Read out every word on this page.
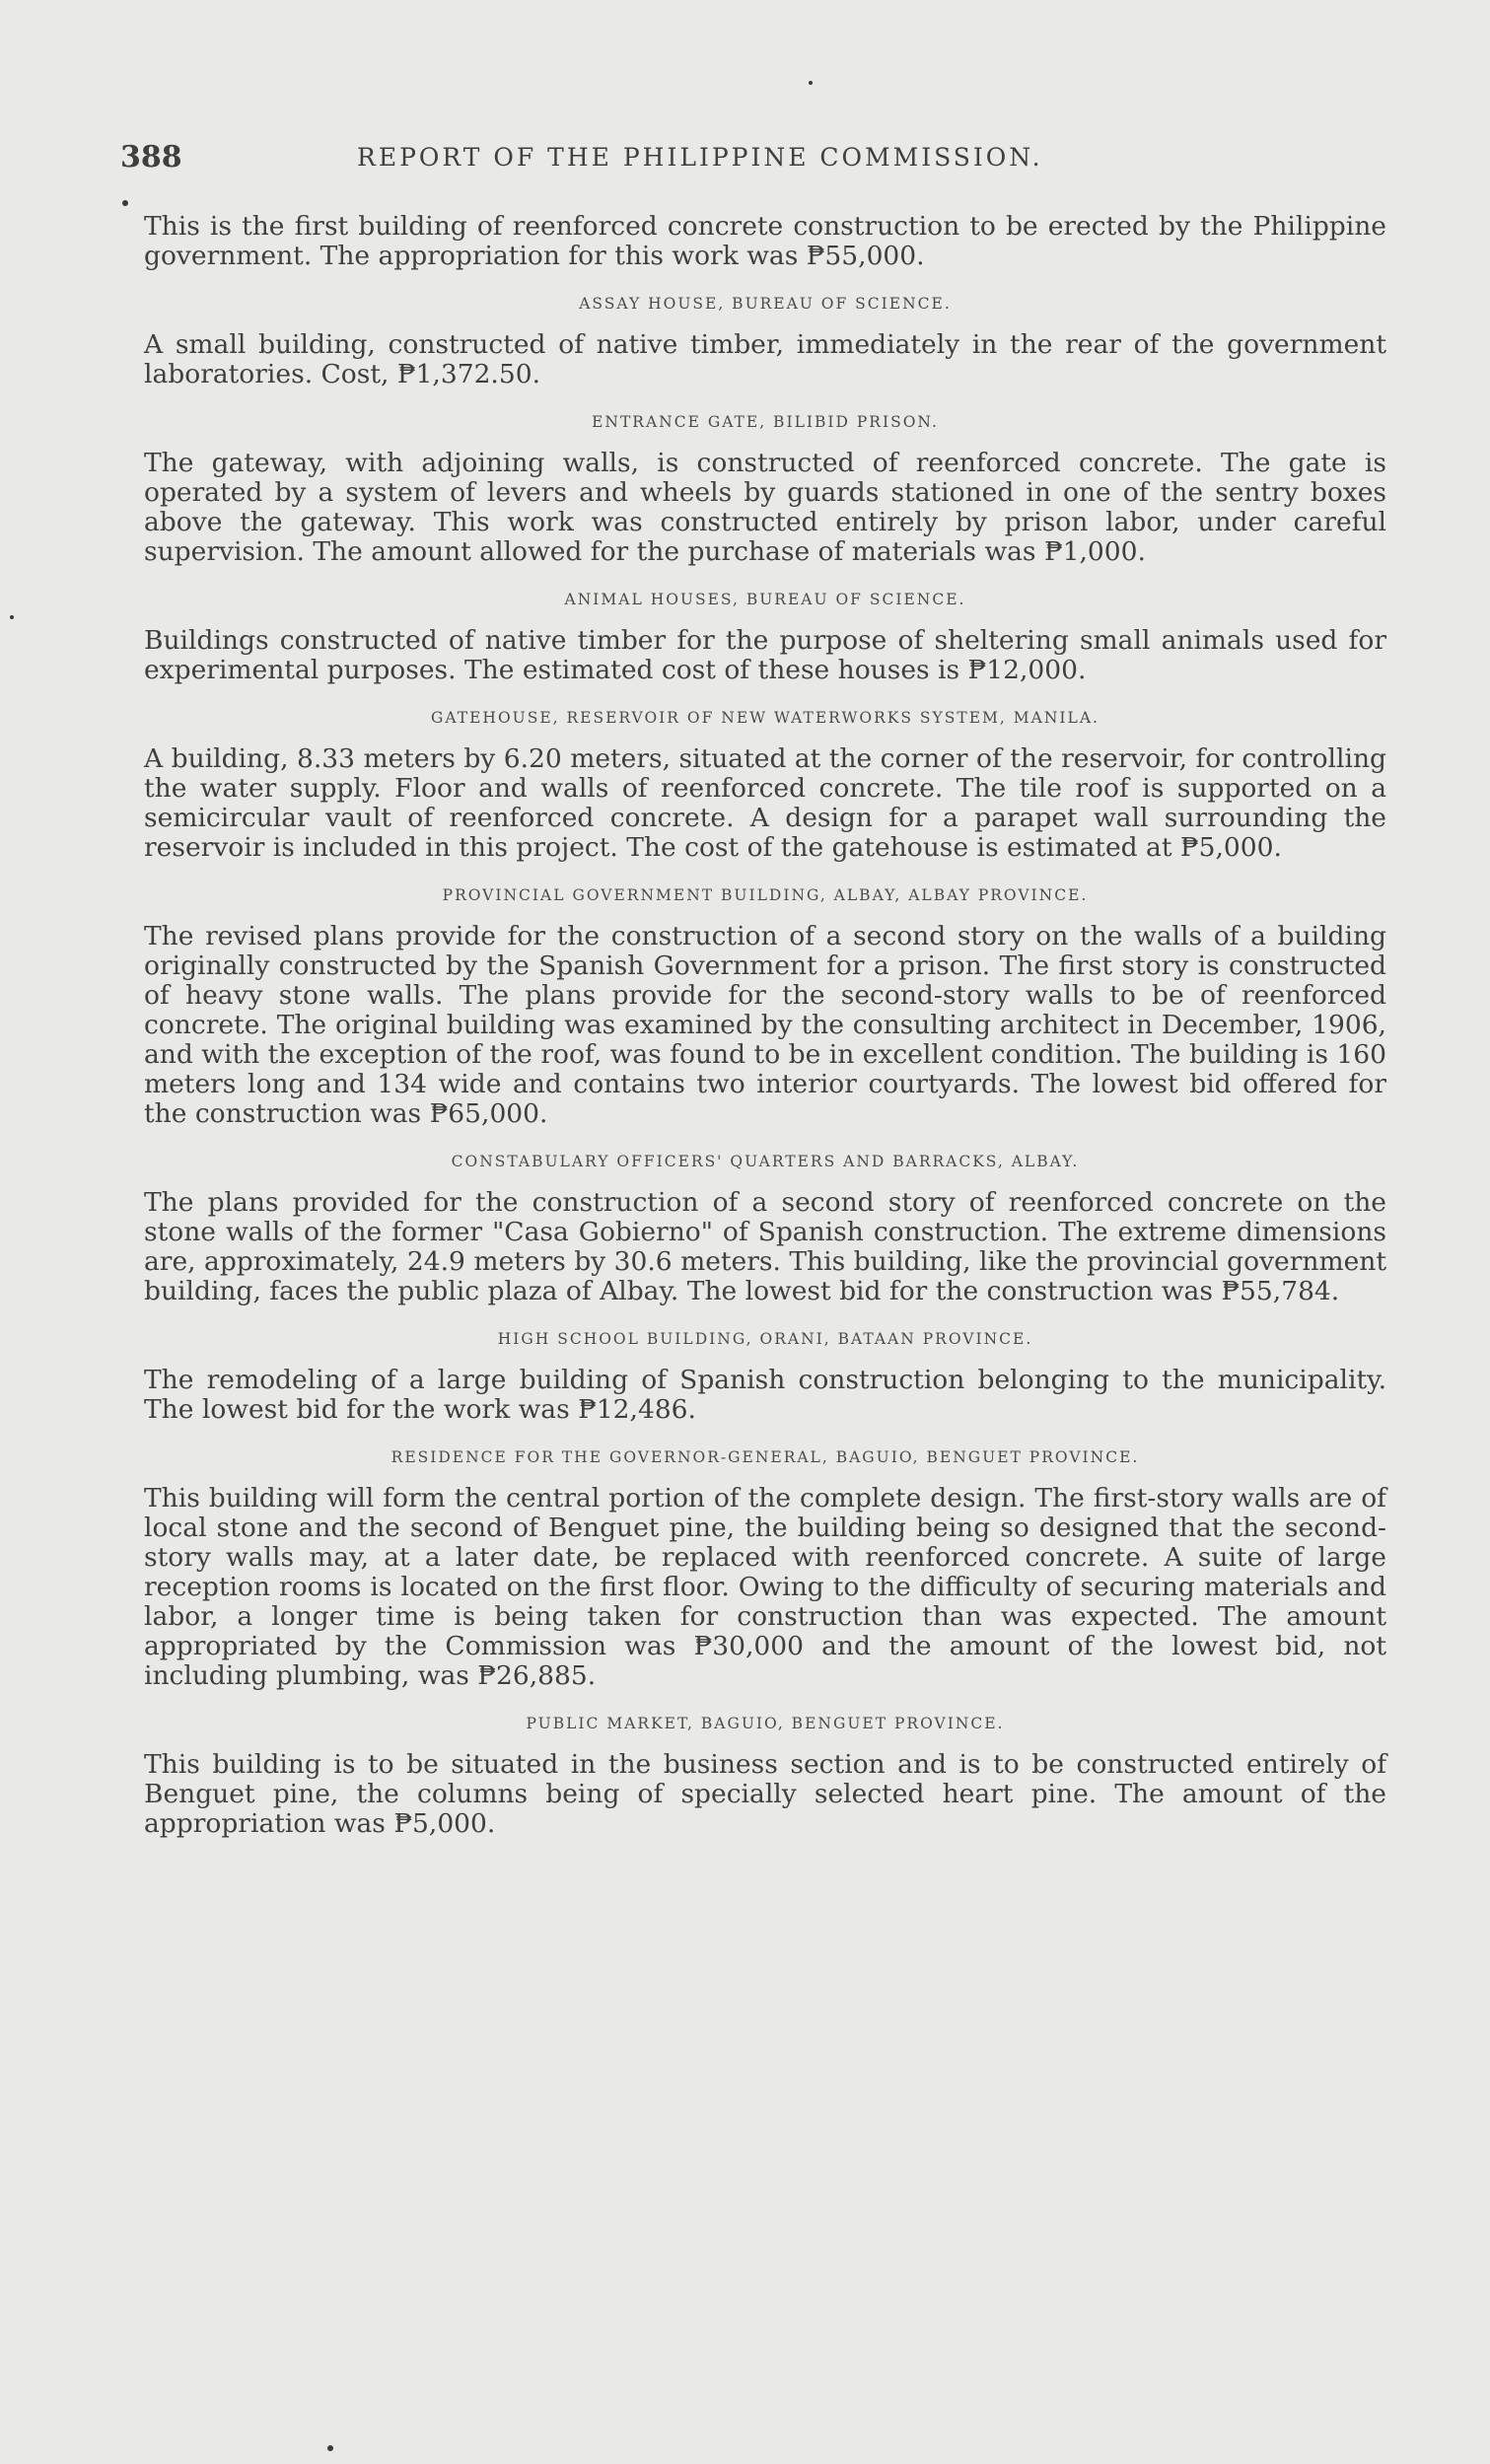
388	REPORT OF THE PHILIPPINE COMMISSION.

This is the first building of reenforced concrete construction to be erected by the Philippine government. The appropriation for this work was ₱55,000.

ASSAY HOUSE, BUREAU OF SCIENCE.

A small building, constructed of native timber, immediately in the rear of the government laboratories. Cost, ₱1,372.50.

ENTRANCE GATE, BILIBID PRISON.

The gateway, with adjoining walls, is constructed of reenforced concrete. The gate is operated by a system of levers and wheels by guards stationed in one of the sentry boxes above the gateway. This work was constructed entirely by prison labor, under careful supervision. The amount allowed for the purchase of materials was ₱1,000.

ANIMAL HOUSES, BUREAU OF SCIENCE.

Buildings constructed of native timber for the purpose of sheltering small animals used for experimental purposes. The estimated cost of these houses is ₱12,000.

GATEHOUSE, RESERVOIR OF NEW WATERWORKS SYSTEM, MANILA.

A building, 8.33 meters by 6.20 meters, situated at the corner of the reservoir, for controlling the water supply. Floor and walls of reenforced concrete. The tile roof is supported on a semicircular vault of reenforced concrete. A design for a parapet wall surrounding the reservoir is included in this project. The cost of the gatehouse is estimated at ₱5,000.

PROVINCIAL GOVERNMENT BUILDING, ALBAY, ALBAY PROVINCE.

The revised plans provide for the construction of a second story on the walls of a building originally constructed by the Spanish Government for a prison. The first story is constructed of heavy stone walls. The plans provide for the second-story walls to be of reenforced concrete. The original building was examined by the consulting architect in December, 1906, and with the exception of the roof, was found to be in excellent condition. The building is 160 meters long and 134 wide and contains two interior courtyards. The lowest bid offered for the construction was ₱65,000.

CONSTABULARY OFFICERS' QUARTERS AND BARRACKS, ALBAY.

The plans provided for the construction of a second story of reenforced concrete on the stone walls of the former "Casa Gobierno" of Spanish construction. The extreme dimensions are, approximately, 24.9 meters by 30.6 meters. This building, like the provincial government building, faces the public plaza of Albay. The lowest bid for the construction was ₱55,784.

HIGH SCHOOL BUILDING, ORANI, BATAAN PROVINCE.

The remodeling of a large building of Spanish construction belonging to the municipality. The lowest bid for the work was ₱12,486.

RESIDENCE FOR THE GOVERNOR-GENERAL, BAGUIO, BENGUET PROVINCE.

This building will form the central portion of the complete design. The first-story walls are of local stone and the second of Benguet pine, the building being so designed that the second-story walls may, at a later date, be replaced with reenforced concrete. A suite of large reception rooms is located on the first floor. Owing to the difficulty of securing materials and labor, a longer time is being taken for construction than was expected. The amount appropriated by the Commission was ₱30,000 and the amount of the lowest bid, not including plumbing, was ₱26,885.

PUBLIC MARKET, BAGUIO, BENGUET PROVINCE.

This building is to be situated in the business section and is to be constructed entirely of Benguet pine, the columns being of specially selected heart pine. The amount of the appropriation was ₱5,000.
